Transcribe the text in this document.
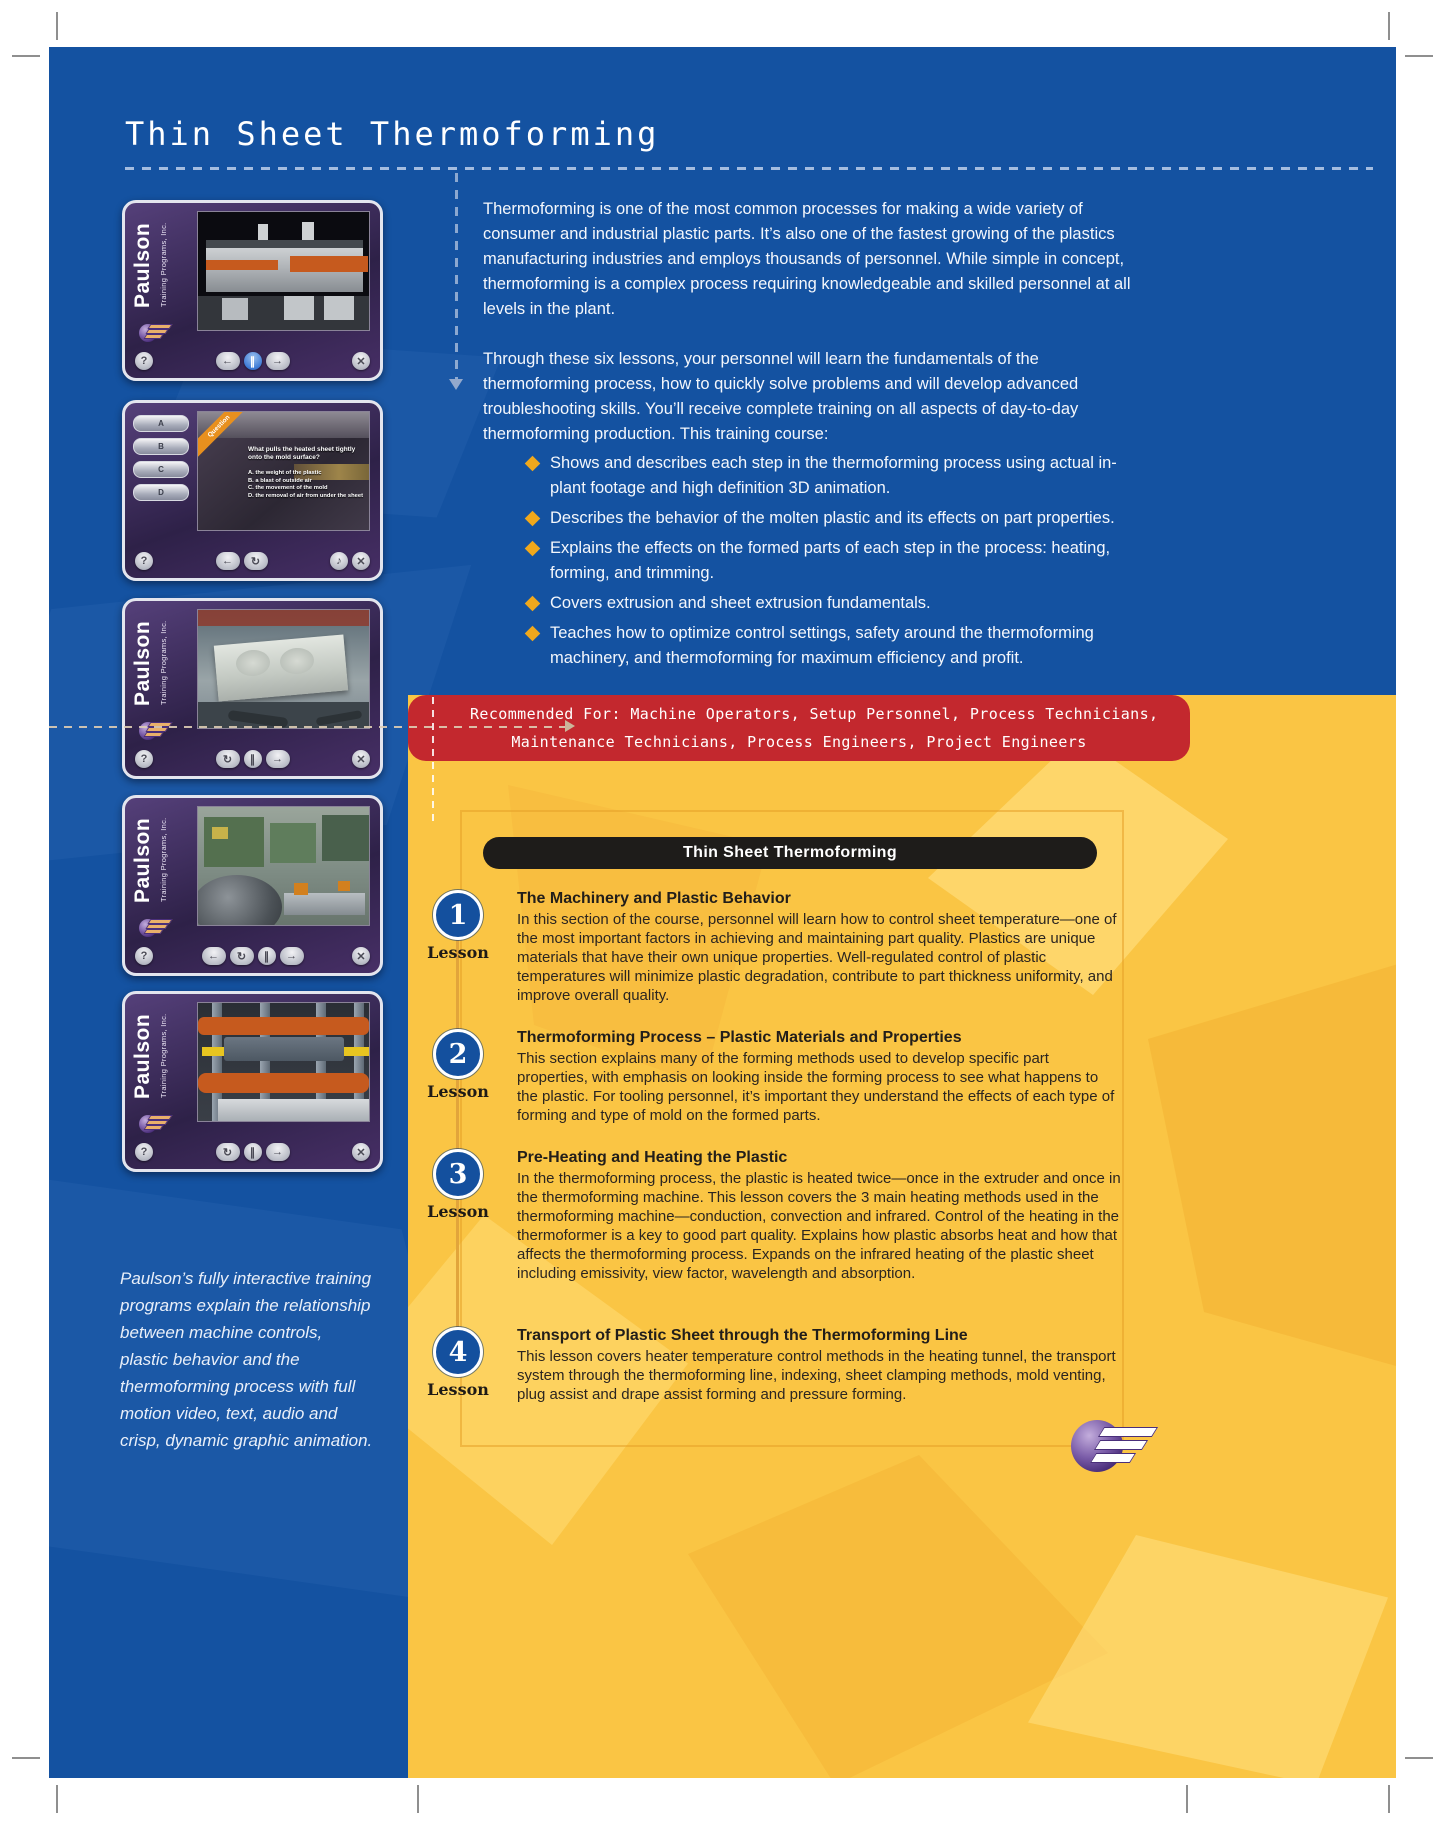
Thin Sheet Thermoforming
Paulson Training Programs, Inc.
?	←	∥	→	✕
A
B
C
D
Question
What pulls the heated sheet tightly onto the mold surface?
A. the weight of the plastic
B. a blast of outside air
C. the movement of the mold
D. the removal of air from under the sheet
?	←	↻	♪	✕
Paulson Training Programs, Inc.
?	↻	∥	→	✕
Paulson Training Programs, Inc.
?	←	↻	∥	→	✕
Paulson Training Programs, Inc.
?	↻	∥	→	✕

Thermoforming is one of the most common processes for making a wide variety of consumer and industrial plastic parts. It’s also one of the fastest growing of the plastics manufacturing industries and employs thousands of personnel. While simple in concept, thermoforming is a complex process requiring knowledgeable and skilled personnel at all levels in the plant.

Through these six lessons, your personnel will learn the fundamentals of the thermoforming process, how to quickly solve problems and will develop advanced troubleshooting skills. You’ll receive complete training on all aspects of day-to-day thermoforming production. This training course:

Shows and describes each step in the thermoforming process using actual in-plant footage and high definition 3D animation.
Describes the behavior of the molten plastic and its effects on part properties.
Explains the effects on the formed parts of each step in the process: heating, forming, and trimming.
Covers extrusion and sheet extrusion fundamentals.
Teaches how to optimize control settings, safety around the thermoforming machinery, and thermoforming for maximum efficiency and profit.
Recommended For: Machine Operators, Setup Personnel, Process Technicians,
Maintenance Technicians, Process Engineers, Project Engineers
Thin Sheet Thermoforming
1
Lesson
The Machinery and Plastic Behavior

In this section of the course, personnel will learn how to control sheet temperature—one of the most important factors in achieving and maintaining part quality. Plastics are unique materials that have their own unique properties. Well-regulated control of plastic temperatures will minimize plastic degradation, contribute to part thickness uniformity, and improve overall quality.

2
Lesson
Thermoforming Process – Plastic Materials and Properties

This section explains many of the forming methods used to develop specific part properties, with emphasis on looking inside the forming process to see what happens to the plastic. For tooling personnel, it’s important they understand the effects of each type of forming and type of mold on the formed parts.

3
Lesson
Pre-Heating and Heating the Plastic

In the thermoforming process, the plastic is heated twice—once in the extruder and once in the thermoforming machine. This lesson covers the 3 main heating methods used in the thermoforming machine—conduction, convection and infrared. Control of the heating in the thermoformer is a key to good part quality. Explains how plastic absorbs heat and how that affects the thermoforming process. Expands on the infrared heating of the plastic sheet including emissivity, view factor, wavelength and absorption.

4
Lesson
Transport of Plastic Sheet through the Thermoforming Line

This lesson covers heater temperature control methods in the heating tunnel, the transport system through the thermoforming line, indexing, sheet clamping methods, mold venting, plug assist and drape assist forming and pressure forming.

Paulson’s fully interactive training programs explain the relationship between machine controls, plastic behavior and the thermoforming process with full motion video, text, audio and crisp, dynamic graphic animation.
